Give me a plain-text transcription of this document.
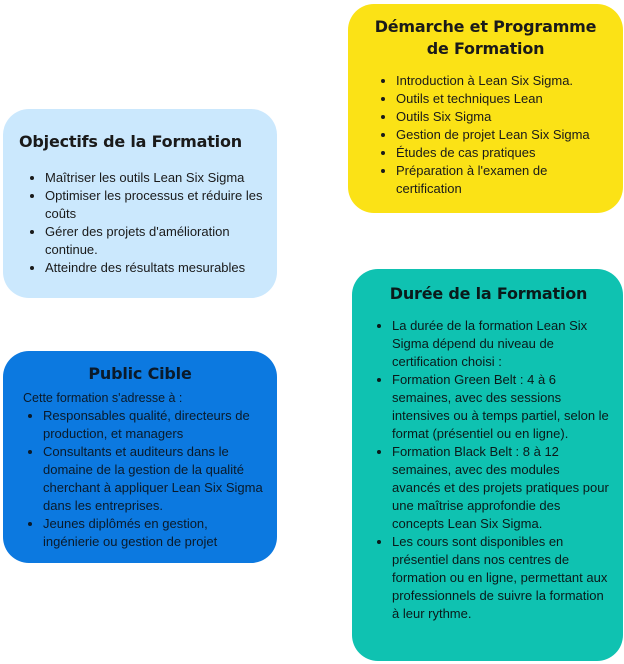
Objectifs de la Formation
• Maîtriser les outils Lean Six Sigma
• Optimiser les processus et réduire les coûts
• Gérer des projets d'amélioration continue.
• Atteindre des résultats mesurables
Démarche et Programme de Formation
• Introduction à Lean Six Sigma.
• Outils et techniques Lean
• Outils Six Sigma
• Gestion de projet Lean Six Sigma
• Études de cas pratiques
• Préparation à l'examen de certification
Public Cible

Cette formation s'adresse à :

• Responsables qualité, directeurs de production, et managers
• Consultants et auditeurs dans le domaine de la gestion de la qualité cherchant à appliquer Lean Six Sigma dans les entreprises.
• Jeunes diplômés en gestion, ingénierie ou gestion de projet
Durée de la Formation
• La durée de la formation Lean Six Sigma dépend du niveau de certification choisi :
• Formation Green Belt : 4 à 6 semaines, avec des sessions intensives ou à temps partiel, selon le format (présentiel ou en ligne).
• Formation Black Belt : 8 à 12 semaines, avec des modules avancés et des projets pratiques pour une maîtrise approfondie des concepts Lean Six Sigma.
• Les cours sont disponibles en présentiel dans nos centres de formation ou en ligne, permettant aux professionnels de suivre la formation à leur rythme.
